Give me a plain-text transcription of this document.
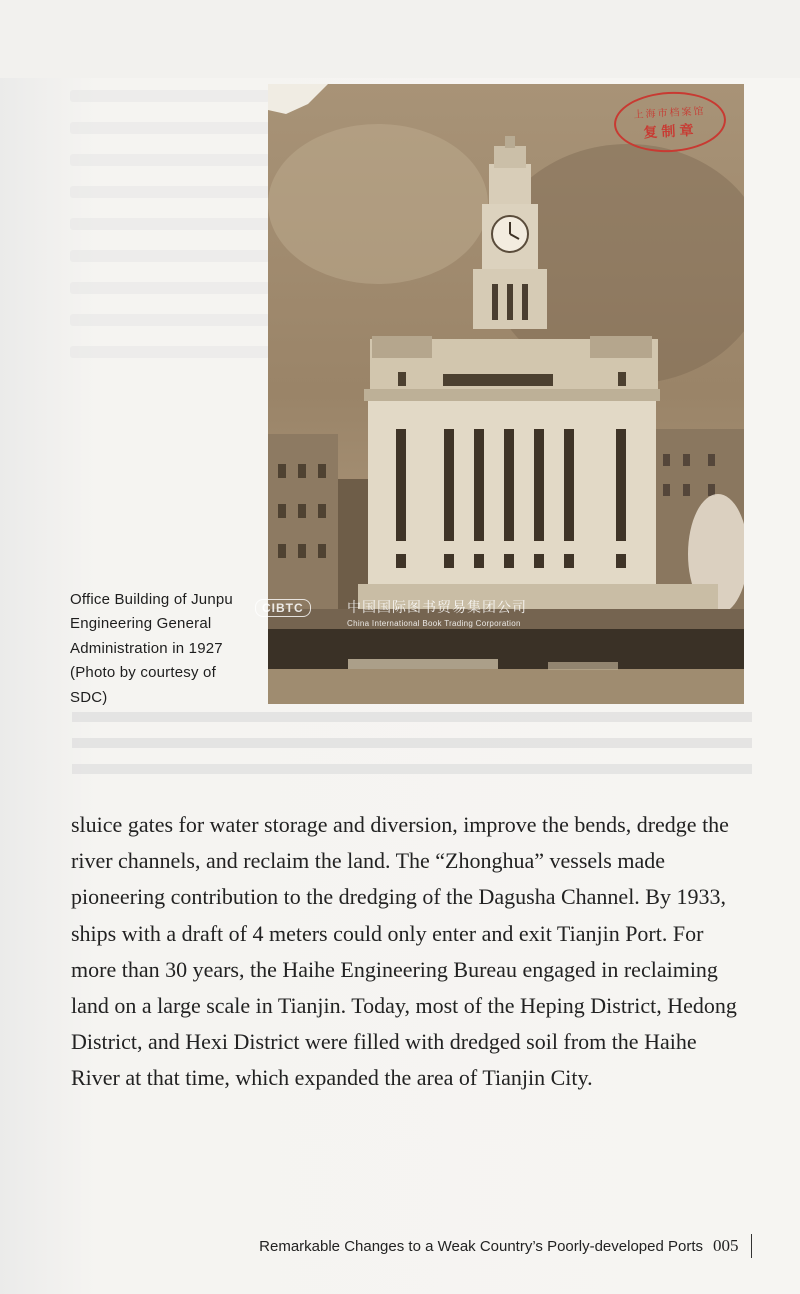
上海市档案馆
复制章
CIBTC	中国国际图书贸易集团公司
China International Book Trading Corporation
Office Building of Junpu
Engineering General
Administration in 1927
(Photo by courtesy of
SDC)

sluice gates for water storage and diversion, improve the bends, dredge the river channels, and reclaim the land. The “Zhonghua” vessels made pioneering contribution to the dredging of the Dagusha Channel. By 1933, ships with a draft of 4 meters could only enter and exit Tianjin Port. For more than 30 years, the Haihe Engineering Bureau engaged in reclaiming land on a large scale in Tianjin. Today, most of the Heping District, Hedong District, and Hexi District were filled with dredged soil from the Haihe River at that time, which expanded the area of Tianjin City.

Remarkable Changes to a Weak Country’s Poorly-developed Ports 005
